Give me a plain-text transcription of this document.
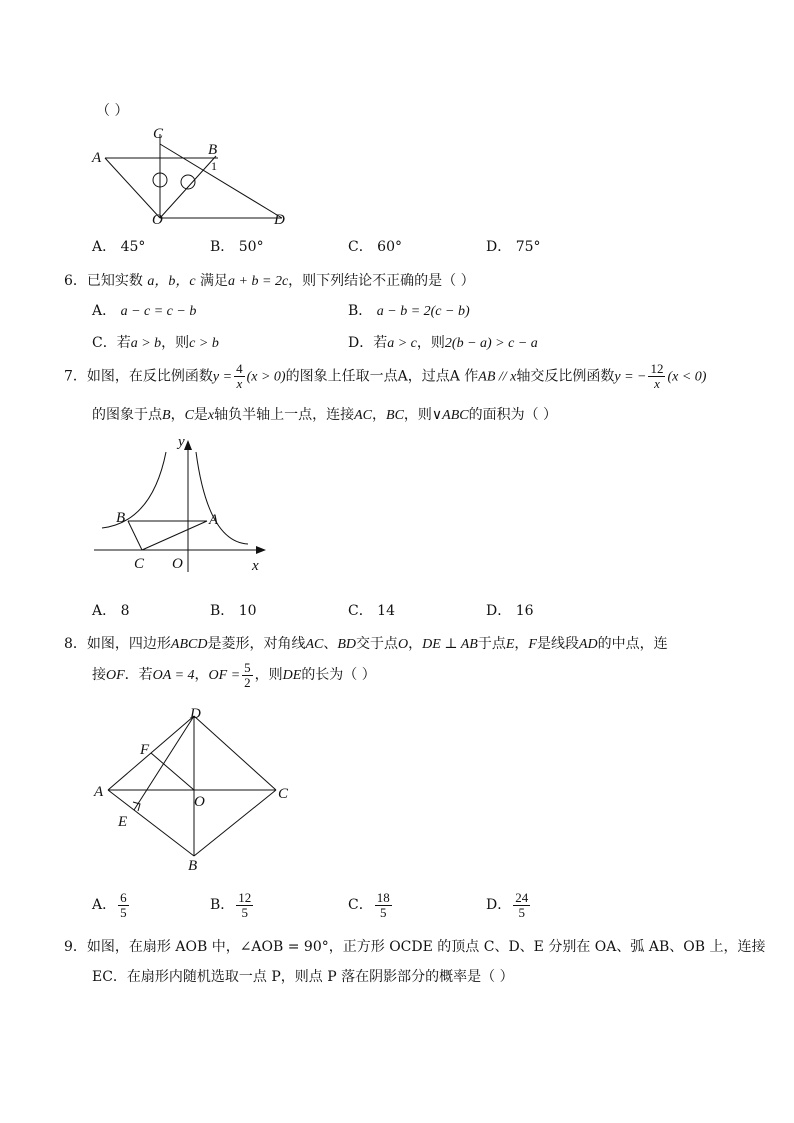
（ ）
A
C
B
1
O	D
A． 45°	B． 50°	C． 60°	D． 75°
6．已知实数 a，b，c 满足a + b = 2c，则下列结论不正确的是（ ）
A． a − c = c − b	B． a − b = 2(c − b)
C．若a > b，则c > b	D．若a > c，则2(b − a) > c − a
7．如图，在反比例函数$y = \frac{4}{x} (x > 0)$的图象上任取一点A，过点A 作AB // x轴交反比例函数y = − $\frac{12}{x} (x < 0)$
的图象于点B，C是x轴负半轴上一点，连接AC，BC，则∨ABC的面积为（ ）
y
x
B	A
C O
A． 8	B． 10	C． 14	D． 16
8．如图，四边形ABCD是菱形，对角线AC、BD交于点O，DE ⊥ AB于点E，F是线段AD的中点，连
接OF．若OA = 4，OF = $\frac{5}{2}$ ，则DE的长为（ ）
D
F
A
O	C
E
B
A． $\frac{6}{5}$	B． $\frac{12}{5}$	C． $\frac{18}{5}$	D． $\frac{24}{5}$
9．如图，在扇形 AOB 中，∠AOB = 90°，正方形 OCDE 的顶点 C、D、E 分别在 OA、弧 AB、OB 上，连接
EC．在扇形内随机选取一点 P，则点 P 落在阴影部分的概率是（ ）
